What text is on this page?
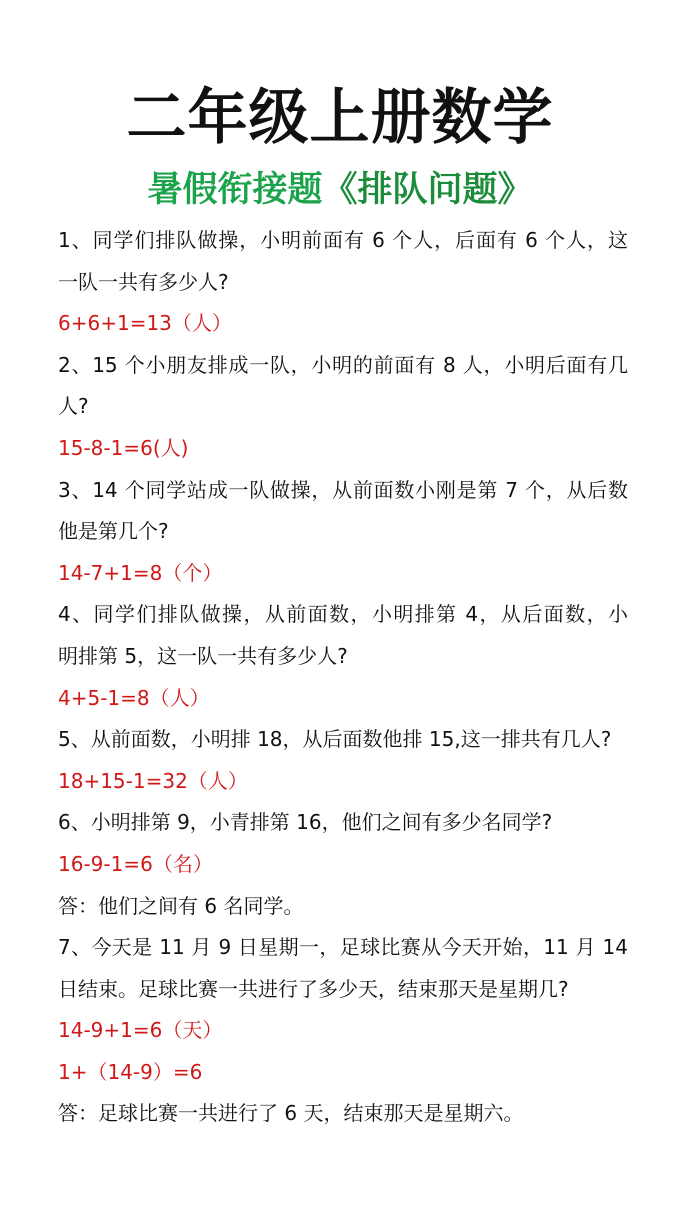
二年级上册数学
暑假衔接题《排队问题》
1、同学们排队做操，小明前面有 6 个人，后面有 6 个人，这
一队一共有多少人?
6+6+1=13（人）
2、15 个小朋友排成一队，小明的前面有 8 人，小明后面有几
人?
15-8-1=6(人)
3、14 个同学站成一队做操，从前面数小刚是第 7 个，从后数
他是第几个?
14-7+1=8（个）
4、同学们排队做操，从前面数，小明排第 4，从后面数，小
明排第 5，这一队一共有多少人?
4+5-1=8（人）
5、从前面数，小明排 18，从后面数他排 15,这一排共有几人?
18+15-1=32（人）
6、小明排第 9，小青排第 16，他们之间有多少名同学?
16-9-1=6（名）
答：他们之间有 6 名同学。
7、今天是 11 月 9 日星期一，足球比赛从今天开始，11 月 14
日结束。足球比赛一共进行了多少天，结束那天是星期几?
14-9+1=6（天）
1+（14-9）=6
答：足球比赛一共进行了 6 天，结束那天是星期六。
